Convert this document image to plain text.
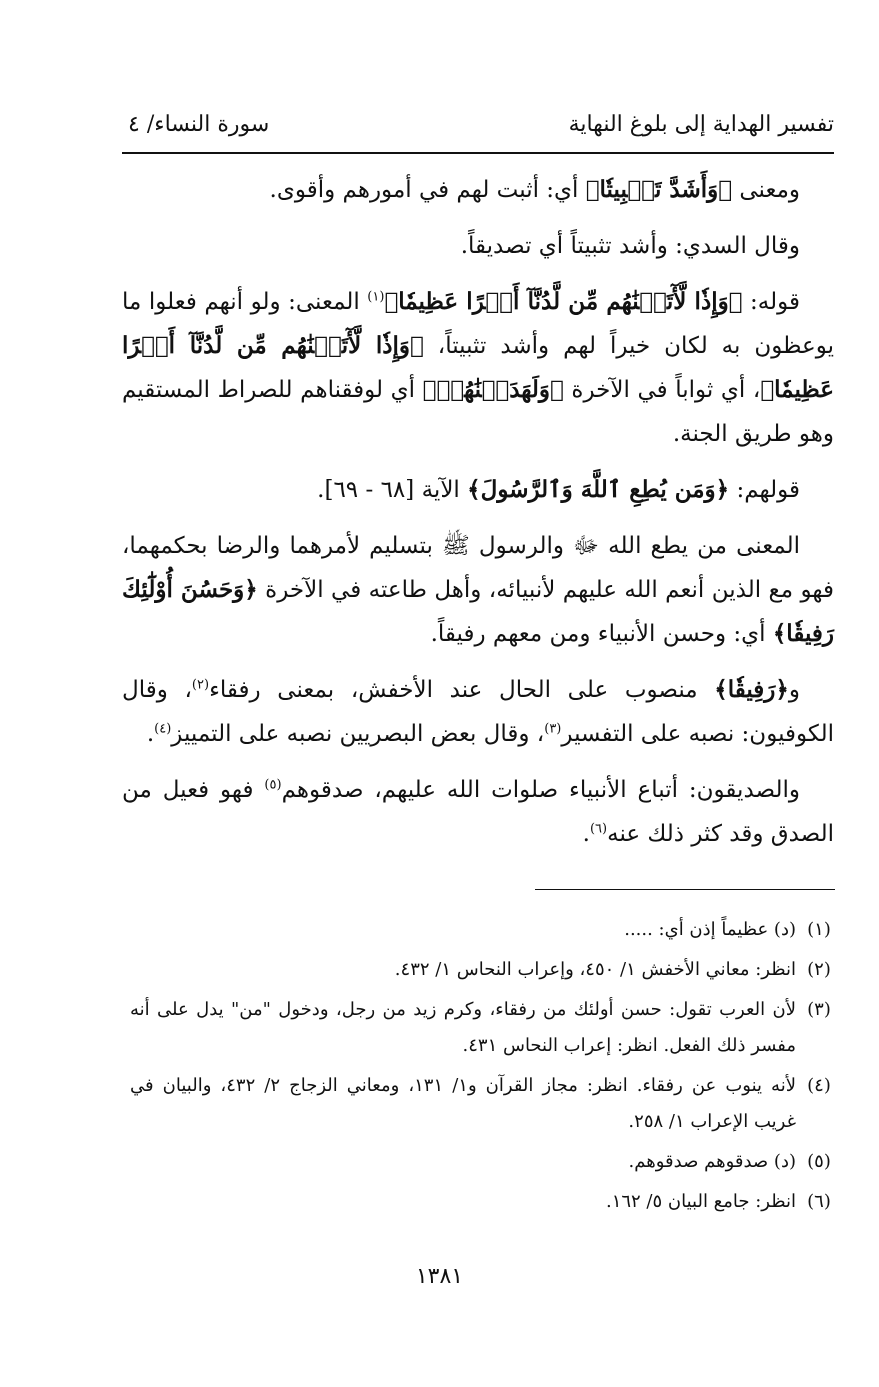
تفسير الهداية إلى بلوغ النهاية
سورة النساء/ ٤

ومعنى ﴿وَأَشَدَّ تَثۡبِيتٗا﴾ أي: أثبت لهم في أمورهم وأقوى.

وقال السدي: وأشد تثبيتاً أي تصديقاً.

قوله: ﴿وَإِذٗا لَّأٓتَيۡنَٰهُم مِّن لَّدُنَّآ أَجۡرًا عَظِيمٗا﴾$^{(١)}$ المعنى: ولو أنهم فعلوا ما يوعظون به لكان خيراً لهم وأشد تثبيتاً، ﴿وَإِذٗا لَّأٓتَيۡنَٰهُم مِّن لَّدُنَّآ أَجۡرًا عَظِيمٗا﴾، أي ثواباً في الآخرة ﴿وَلَهَدَيۡنَٰهُمۡ﴾ أي لوفقناهم للصراط المستقيم وهو طريق الجنة.

قولهم: ﴿وَمَن يُطِعِ ٱللَّهَ وَٱلرَّسُولَ﴾ الآية [٦٨ - ٦٩].

المعنى من يطع الله ﷻ والرسول ﷺ بتسليم لأمرهما والرضا بحكمهما، فهو مع الذين أنعم الله عليهم لأنبيائه، وأهل طاعته في الآخرة ﴿وَحَسُنَ أُوْلَٰٓئِكَ رَفِيقٗا﴾ أي: وحسن الأنبياء ومن معهم رفيقاً.

و﴿رَفِيقٗا﴾ منصوب على الحال عند الأخفش، بمعنى رفقاء$^{(٢)}$، وقال الكوفيون: نصبه على التفسير$^{(٣)}$، وقال بعض البصريين نصبه على التمييز$^{(٤)}$.

والصديقون: أتباع الأنبياء صلوات الله عليهم، صدقوهم$^{(٥)}$ فهو فعيل من الصدق وقد كثر ذلك عنه$^{(٦)}$.

(١)
(د) عظيماً إذن أي: .....
(٢)
انظر: معاني الأخفش ١/ ٤٥٠، وإعراب النحاس ١/ ٤٣٢.
(٣)
لأن العرب تقول: حسن أولئك من رفقاء، وكرم زيد من رجل، ودخول "من" يدل على أنه مفسر ذلك الفعل. انظر: إعراب النحاس ٤٣١.
(٤)
لأنه ينوب عن رفقاء. انظر: مجاز القرآن و١/ ١٣١، ومعاني الزجاج ٢/ ٤٣٢، والبيان في غريب الإعراب ١/ ٢٥٨.
(٥)
(د) صدقوهم صدقوهم.
(٦)
انظر: جامع البيان ٥/ ١٦٢.
١٣٨١
